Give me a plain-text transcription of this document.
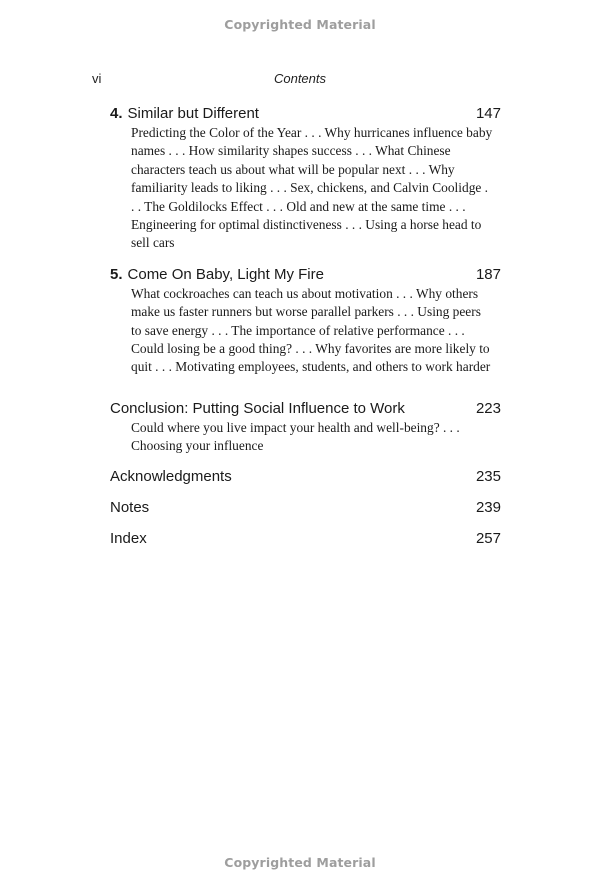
Copyrighted Material
vi	Contents
4. Similar but Different	147
Predicting the Color of the Year . . . Why hurricanes influence baby names . . . How similarity shapes success . . . What Chinese characters teach us about what will be popular next . . . Why familiarity leads to liking . . . Sex, chickens, and Calvin Coolidge . . . The Goldilocks Effect . . . Old and new at the same time . . . Engineering for optimal distinctiveness . . . Using a horse head to sell cars
5. Come On Baby, Light My Fire	187
What cockroaches can teach us about motivation . . . Why others make us faster runners but worse parallel parkers . . . Using peers to save energy . . . The importance of relative performance . . . Could losing be a good thing? . . . Why favorites are more likely to quit . . . Motivating employees, students, and others to work harder
Conclusion: Putting Social Influence to Work	223
Could where you live impact your health and well-being? . . . Choosing your influence
Acknowledgments	235
Notes	239
Index	257
Copyrighted Material
